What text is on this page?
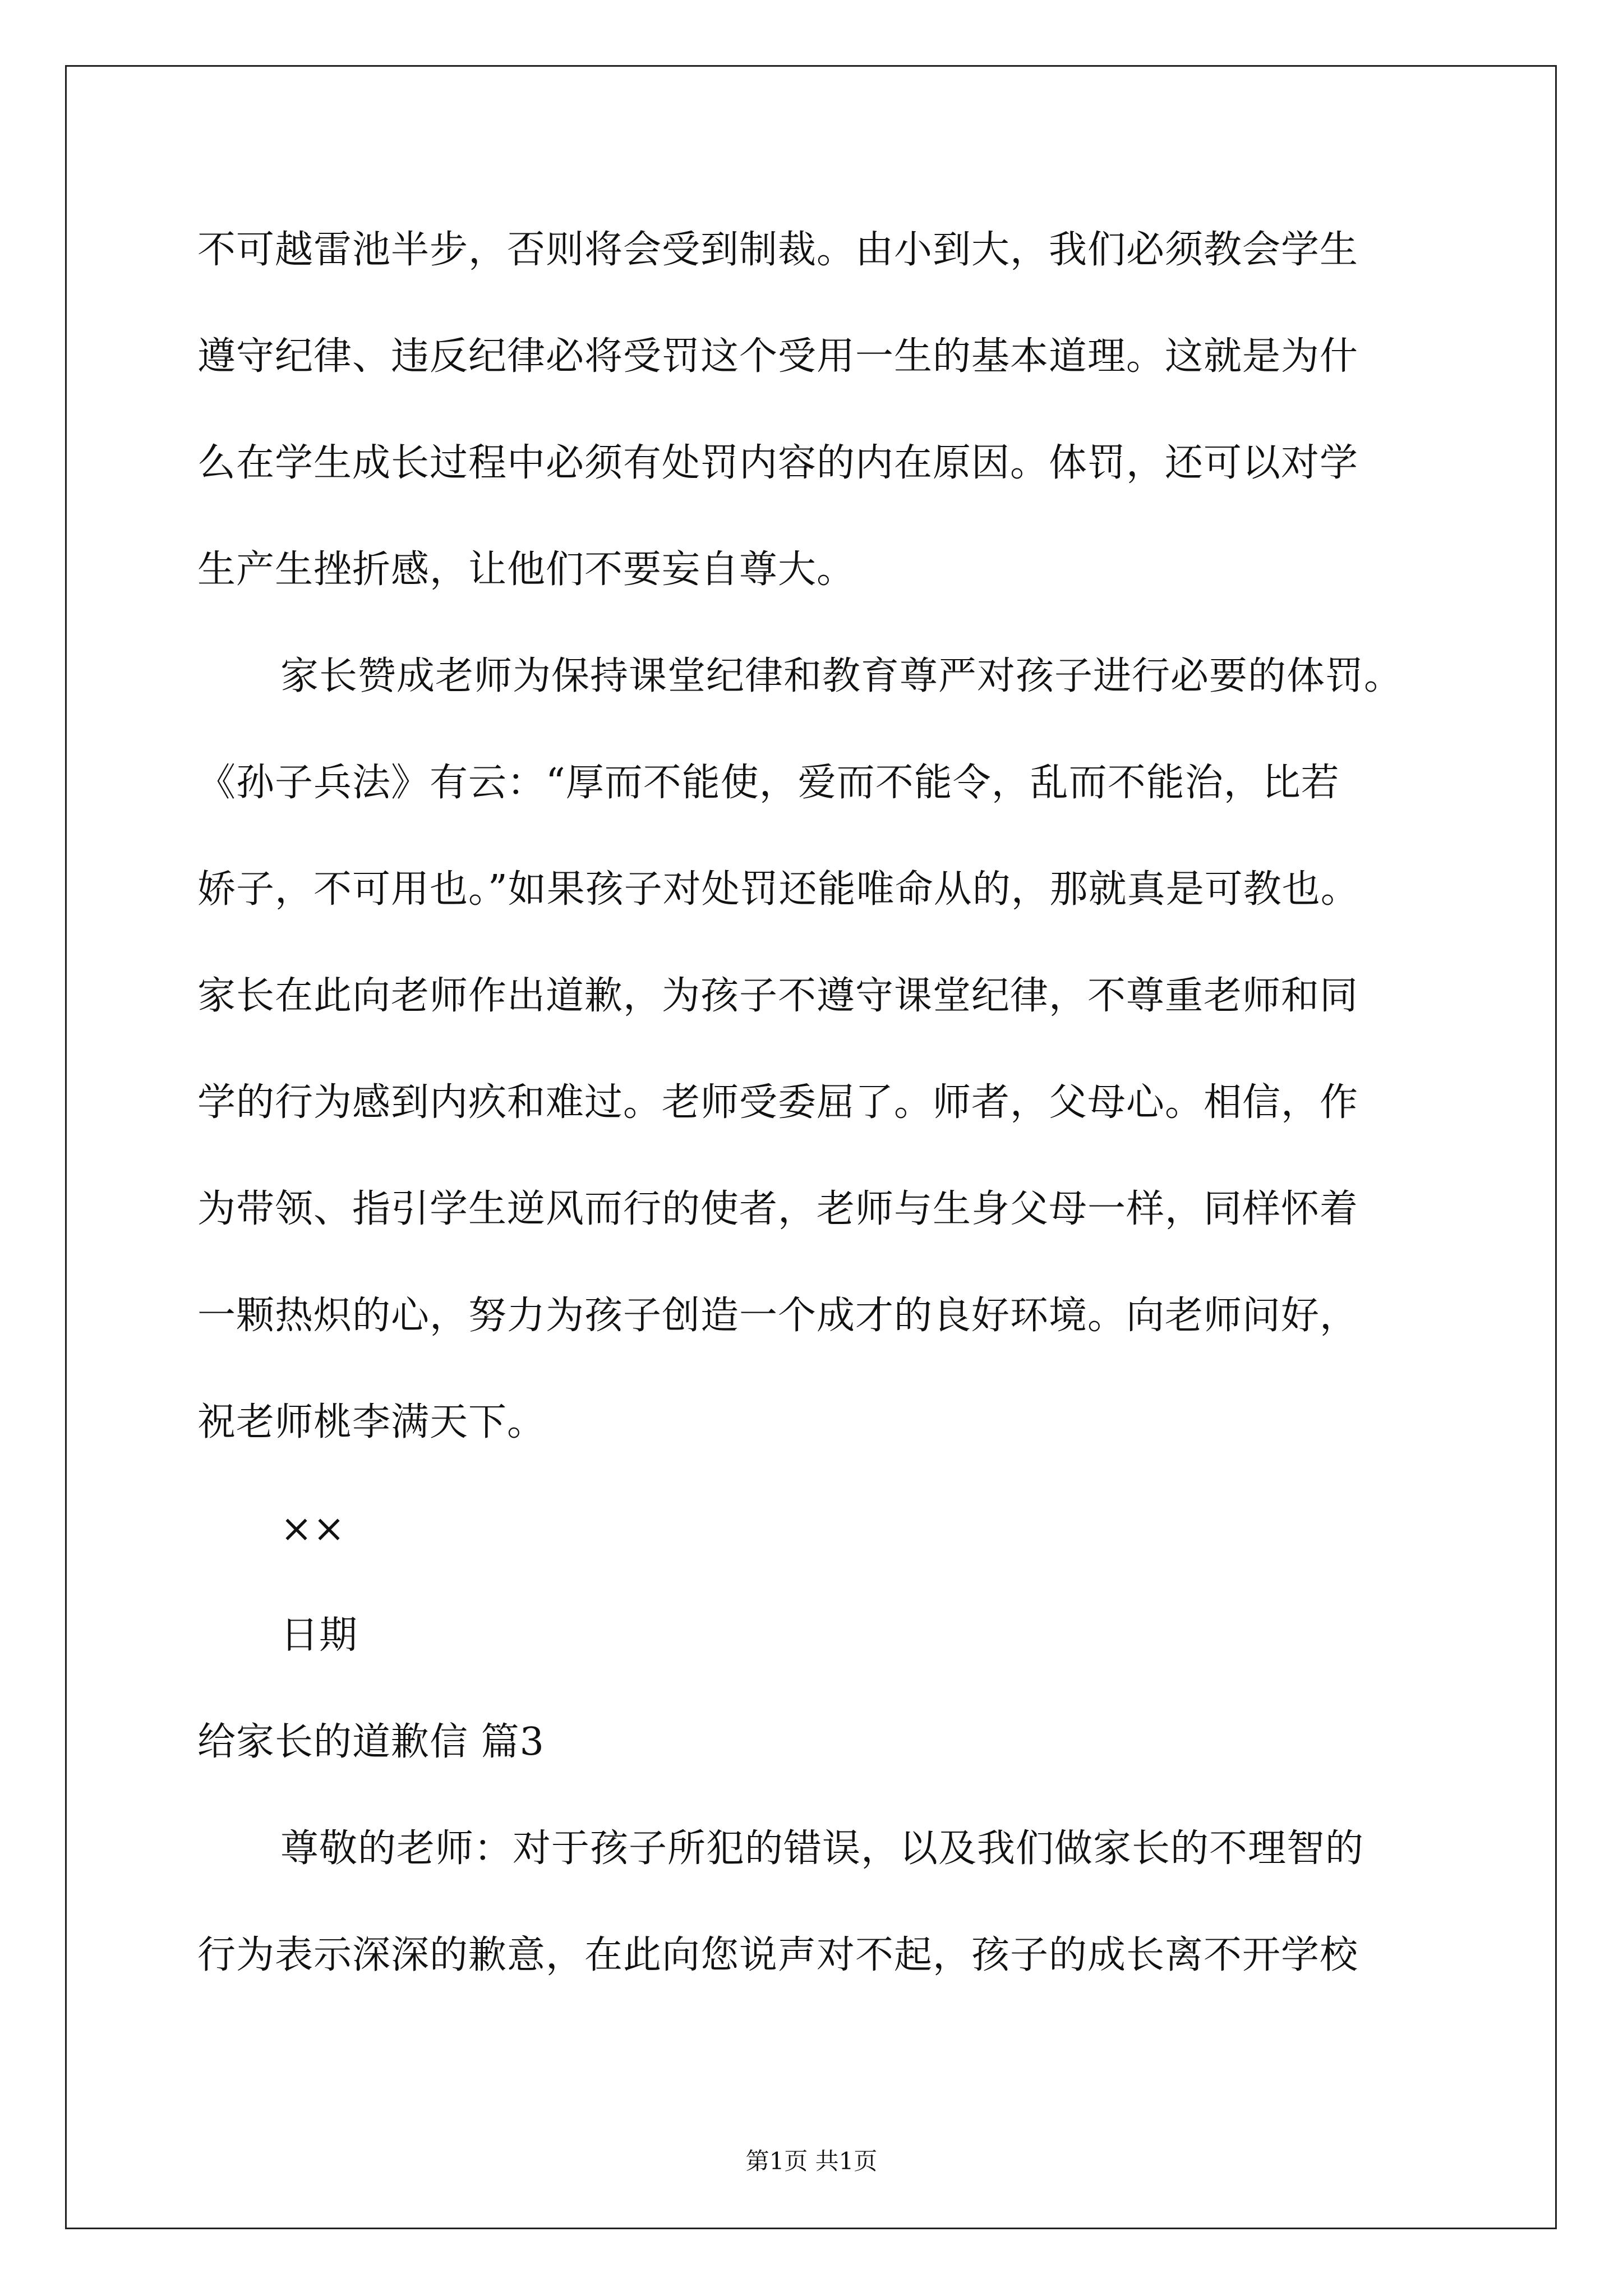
不可越雷池半步，否则将会受到制裁。由小到大，我们必须教会学生
遵守纪律、违反纪律必将受罚这个受用一生的基本道理。这就是为什
么在学生成长过程中必须有处罚内容的内在原因。体罚，还可以对学
生产生挫折感，让他们不要妄自尊大。
家长赞成老师为保持课堂纪律和教育尊严对孩子进行必要的体罚。
《孙子兵法》有云：“厚而不能使，爱而不能令，乱而不能治，比若
娇子，不可用也。”如果孩子对处罚还能唯命从的，那就真是可教也。
家长在此向老师作出道歉，为孩子不遵守课堂纪律，不尊重老师和同
学的行为感到内疚和难过。老师受委屈了。师者，父母心。相信，作
为带领、指引学生逆风而行的使者，老师与生身父母一样，同样怀着
一颗热炽的心，努力为孩子创造一个成才的良好环境。向老师问好，
祝老师桃李满天下。
××
日期
给家长的道歉信 篇3
尊敬的老师：对于孩子所犯的错误，以及我们做家长的不理智的
行为表示深深的歉意，在此向您说声对不起，孩子的成长离不开学校
第1页 共1页
